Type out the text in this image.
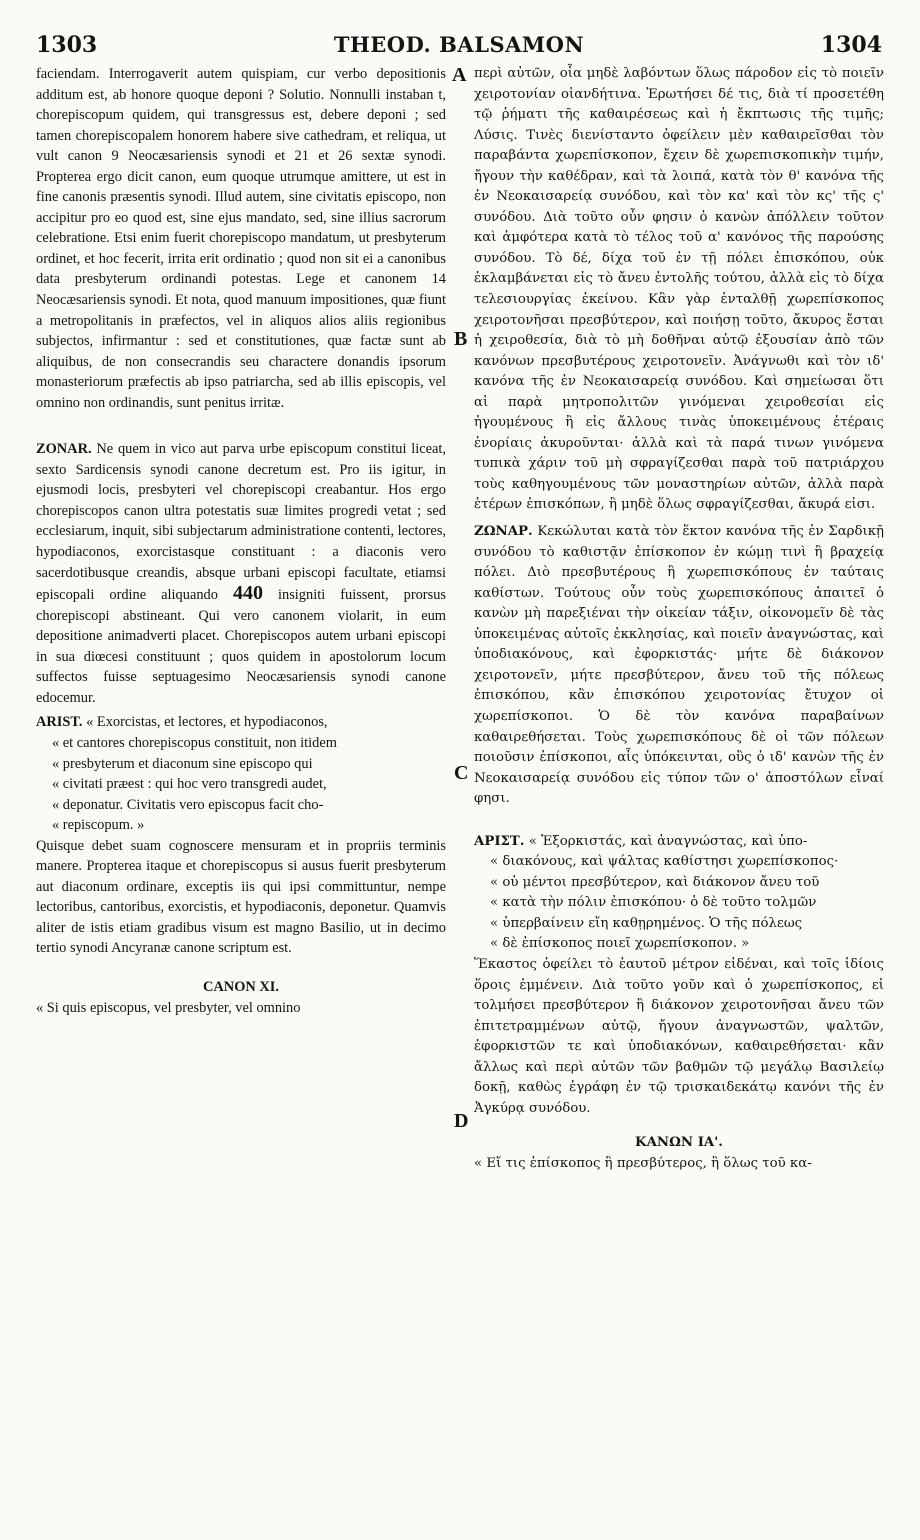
1303	THEOD. BALSAMON	1304
A
B
C
D

faciendam. Interrogaverit autem quispiam, cur verbo depositionis additum est, ab honore quoque deponi ? Solutio. Nonnulli instaban t, chorepiscopum quidem, qui transgressus est, debere deponi ; sed tamen chorepiscopalem honorem habere sive cathedram, et reliqua, ut vult canon 9 Neocæsariensis synodi et 21 et 26 sextæ synodi. Propterea ergo dicit canon, eum quoque utrumque amittere, ut est in fine canonis præsentis synodi. Illud autem, sine civitatis episcopo, non accipitur pro eo quod est, sine ejus mandato, sed, sine illius sacrorum celebratione. Etsi enim fuerit chorepiscopo mandatum, ut presbyterum ordinet, et hoc fecerit, irrita erit ordinatio ; quod non sit ei a canonibus data presbyterum ordinandi potestas. Lege et canonem 14 Neocæsariensis synodi. Et nota, quod manuum impositiones, quæ fiunt a metropolitanis in præfectos, vel in aliquos alios aliis regionibus subjectos, infirmantur : sed et constitutiones, quæ factæ sunt ab aliquibus, de non consecrandis seu charactere donandis ipsorum monasteriorum præfectis ab ipso patriarcha, sed ab illis episcopis, vel omnino non ordinandis, sunt penitus irritæ.

ZONAR. Ne quem in vico aut parva urbe episcopum constitui liceat, sexto Sardicensis synodi canone decretum est. Pro iis igitur, in ejusmodi locis, presbyteri vel chorepiscopi creabantur. Hos ergo chorepiscopos canon ultra potestatis suæ limites progredi vetat ; sed ecclesiarum, inquit, sibi subjectarum administratione contenti, lectores, hypodiaconos, exorcistasque constituant : a diaconis vero sacerdotibusque creandis, absque urbani episcopi facultate, etiamsi episcopali ordine aliquando 440 insigniti fuissent, prorsus chorepiscopi abstineant. Qui vero canonem violarit, in eum depositione animadverti placet. Chorepiscopos autem urbani episcopi in sua diœcesi constituunt ; quos quidem in apostolorum locum suffectos fuisse septuagesimo Neocæsariensis synodi canone edocemur.

ARIST. « Exorcistas, et lectores, et hypodiaconos,
« et cantores chorepiscopus constituit, non itidem
« presbyterum et diaconum sine episcopo qui
« civitati præest : qui hoc vero transgredi audet,
« deponatur. Civitatis vero episcopus facit cho-
« repiscopum. »

Quisque debet suam cognoscere mensuram et in propriis terminis manere. Propterea itaque et chorepiscopus si ausus fuerit presbyterum aut diaconum ordinare, exceptis iis qui ipsi committuntur, nempe lectoribus, cantoribus, exorcistis, et hypodiaconis, deponetur. Quamvis aliter de istis etiam gradibus visum est magno Basilio, ut in decimo tertio synodi Ancyranæ canone scriptum est.

CANON XI.

« Si quis episcopus, vel presbyter, vel omnino

περὶ αὐτῶν, οἷα μηδὲ λαβόντων ὅλως πάροδον εἰς τὸ ποιεῖν χειροτονίαν οἱανδήτινα. Ἐρωτήσει δέ τις, διὰ τί προσετέθη τῷ ῥήματι τῆς καθαιρέσεως καὶ ἡ ἔκπτωσις τῆς τιμῆς; Λύσις. Τινὲς διενίσταντο ὀφείλειν μὲν καθαιρεῖσθαι τὸν παραβάντα χωρεπίσκοπον, ἔχειν δὲ χωρεπισκοπικὴν τιμήν, ἤγουν τὴν καθέδραν, καὶ τὰ λοιπά, κατὰ τὸν θ' κανόνα τῆς ἐν Νεοκαισαρείᾳ συνόδου, καὶ τὸν κα' καὶ τὸν κς' τῆς ς' συνόδου. Διὰ τοῦτο οὖν φησιν ὁ κανὼν ἀπόλλειν τοῦτον καὶ ἀμφότερα κατὰ τὸ τέλος τοῦ α' κανόνος τῆς παρούσης συνόδου. Τὸ δέ, δίχα τοῦ ἐν τῇ πόλει ἐπισκόπου, οὐκ ἐκλαμβάνεται εἰς τὸ ἄνευ ἐντολῆς τούτου, ἀλλὰ εἰς τὸ δίχα τελεσιουργίας ἐκείνου. Κἂν γὰρ ἐνταλθῇ χωρεπίσκοπος χειροτονῆσαι πρεσβύτερον, καὶ ποιήσῃ τοῦτο, ἄκυρος ἔσται ἡ χειροθεσία, διὰ τὸ μὴ δοθῆναι αὐτῷ ἐξουσίαν ἀπὸ τῶν κανόνων πρεσβυτέρους χειροτονεῖν. Ἀνάγνωθι καὶ τὸν ιδ' κανόνα τῆς ἐν Νεοκαισαρείᾳ συνόδου. Καὶ σημείωσαι ὅτι αἱ παρὰ μητροπολιτῶν γινόμεναι χειροθεσίαι εἰς ἡγουμένους ἢ εἰς ἄλλους τινὰς ὑποκειμένους ἑτέραις ἐνορίαις ἀκυροῦνται· ἀλλὰ καὶ τὰ παρά τινων γινόμενα τυπικὰ χάριν τοῦ μὴ σφραγίζεσθαι παρὰ τοῦ πατριάρχου τοὺς καθηγουμένους τῶν μοναστηρίων αὐτῶν, ἀλλὰ παρὰ ἑτέρων ἐπισκόπων, ἢ μηδὲ ὅλως σφραγίζεσθαι, ἄκυρά εἰσι.

ΖΩΝΑΡ. Κεκώλυται κατὰ τὸν ἕκτον κανόνα τῆς ἐν Σαρδικῇ συνόδου τὸ καθιστᾷν ἐπίσκοπον ἐν κώμῃ τινὶ ἢ βραχείᾳ πόλει. Διὸ πρεσβυτέρους ἢ χωρεπισκόπους ἐν ταύταις καθίστων. Τούτους οὖν τοὺς χωρεπισκόπους ἀπαιτεῖ ὁ κανὼν μὴ παρεξιέναι τὴν οἰκείαν τάξιν, οἰκονομεῖν δὲ τὰς ὑποκειμένας αὐτοῖς ἐκκλησίας, καὶ ποιεῖν ἀναγνώστας, καὶ ὑποδιακόνους, καὶ ἐφορκιστάς· μήτε δὲ διάκονον χειροτονεῖν, μήτε πρεσβύτερον, ἄνευ τοῦ τῆς πόλεως ἐπισκόπου, κἂν ἐπισκόπου χειροτονίας ἔτυχον οἱ χωρεπίσκοποι. Ὁ δὲ τὸν κανόνα παραβαίνων καθαιρεθήσεται. Τοὺς χωρεπισκόπους δὲ οἱ τῶν πόλεων ποιοῦσιν ἐπίσκοποι, αἷς ὑπόκεινται, οὓς ὁ ιδ' κανὼν τῆς ἐν Νεοκαισαρείᾳ συνόδου εἰς τύπον τῶν ο' ἀποστόλων εἶναί φησι.

ΑΡΙΣΤ. « Ἐξορκιστάς, καὶ ἀναγνώστας, καὶ ὑπο-
« διακόνους, καὶ ψάλτας καθίστησι χωρεπίσκοπος·
« οὐ μέντοι πρεσβύτερον, καὶ διάκονον ἄνευ τοῦ
« κατὰ τὴν πόλιν ἐπισκόπου· ὁ δὲ τοῦτο τολμῶν
« ὑπερβαίνειν εἴη καθῃρημένος. Ὁ τῆς πόλεως
« δὲ ἐπίσκοπος ποιεῖ χωρεπίσκοπον. »

Ἕκαστος ὀφείλει τὸ ἑαυτοῦ μέτρον εἰδέναι, καὶ τοῖς ἰδίοις ὅροις ἐμμένειν. Διὰ τοῦτο γοῦν καὶ ὁ χωρεπίσκοπος, εἰ τολμήσει πρεσβύτερον ἢ διάκονον χειροτονῆσαι ἄνευ τῶν ἐπιτετραμμένων αὐτῷ, ἤγουν ἀναγνωστῶν, ψαλτῶν, ἐφορκιστῶν τε καὶ ὑποδιακόνων, καθαιρεθήσεται· κἂν ἄλλως καὶ περὶ αὐτῶν τῶν βαθμῶν τῷ μεγάλῳ Βασιλείῳ δοκῇ, καθὼς ἐγράφη ἐν τῷ τρισκαιδεκάτῳ κανόνι τῆς ἐν Ἀγκύρᾳ συνόδου.

ΚΑΝΩΝ ΙΑ'.

« Εἴ τις ἐπίσκοπος ἢ πρεσβύτερος, ἢ ὅλως τοῦ κα-
